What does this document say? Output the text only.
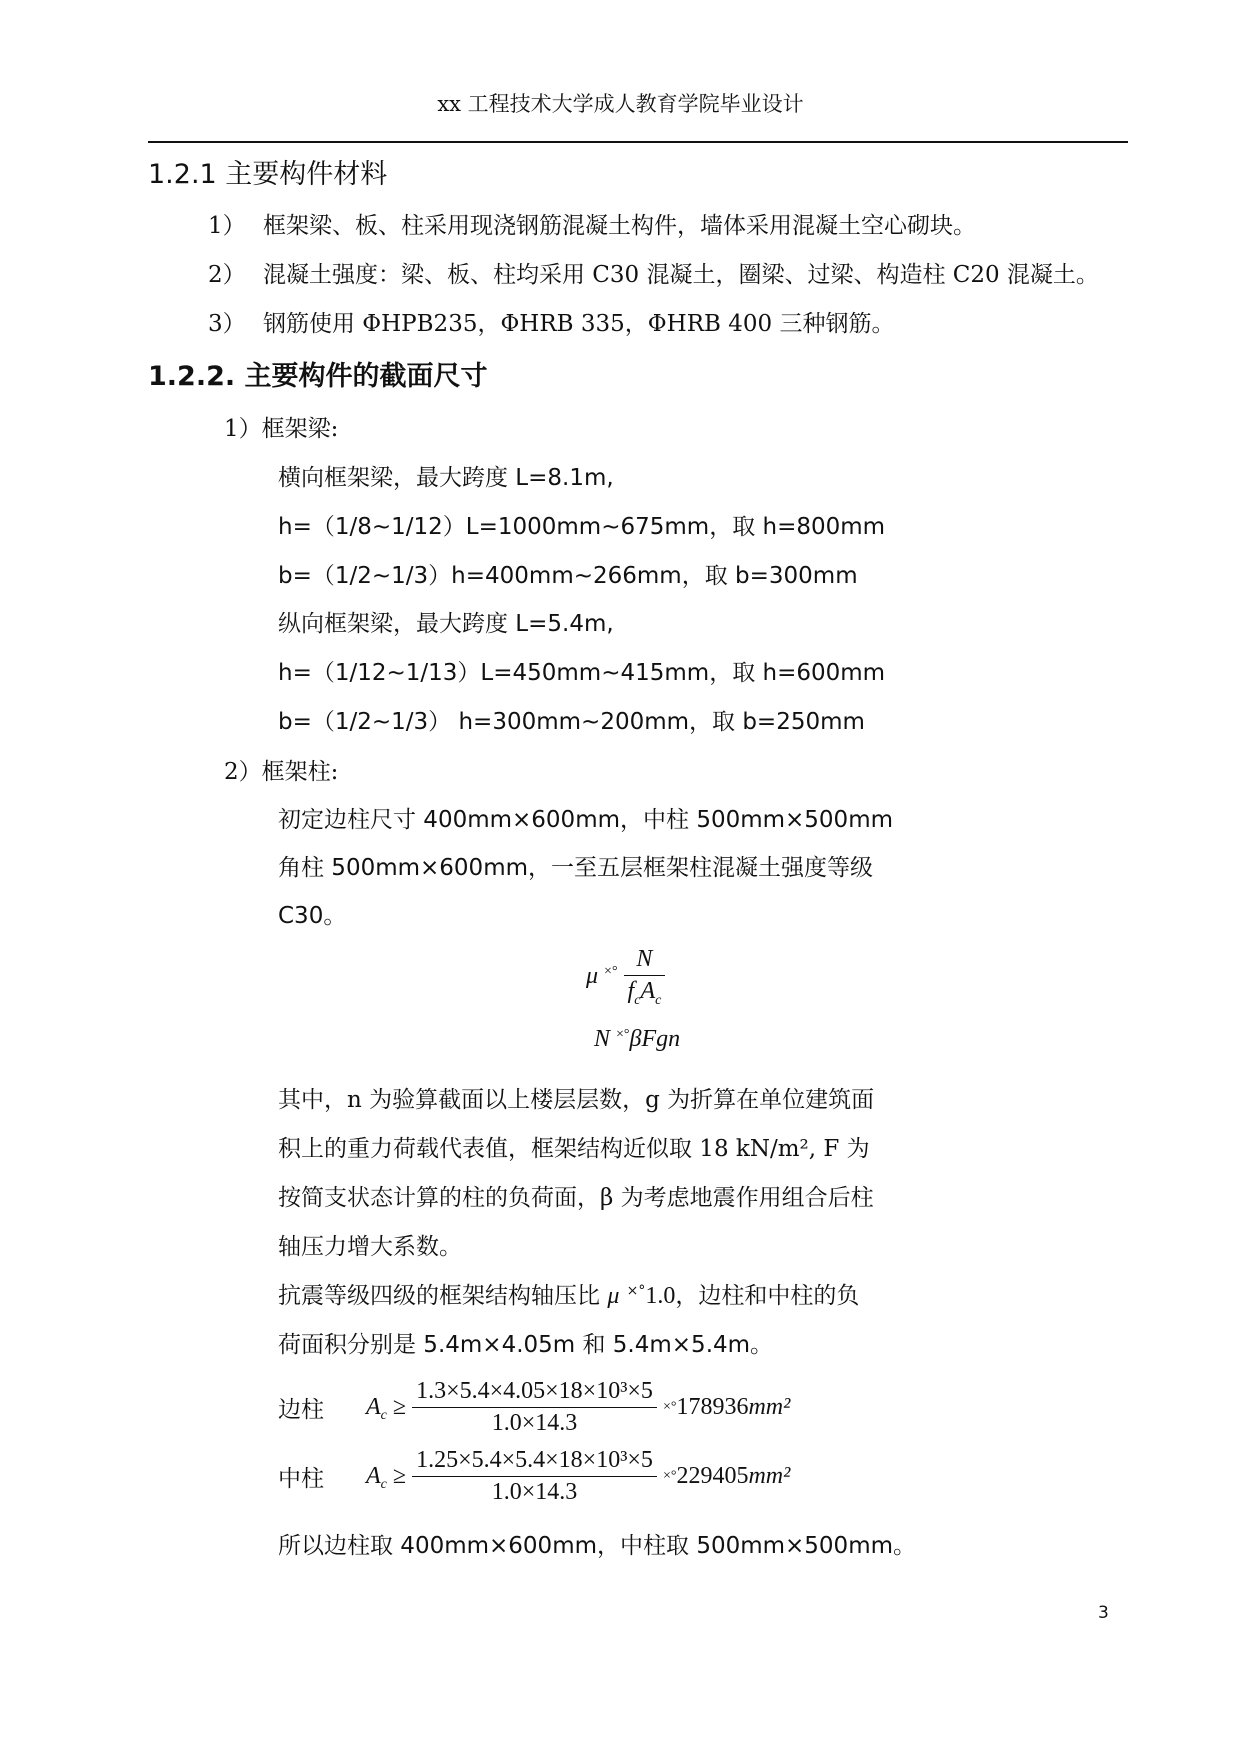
xx 工程技术大学成人教育学院毕业设计
1.2.1 主要构件材料
1） 框架梁、板、柱采用现浇钢筋混凝土构件，墙体采用混凝土空心砌块。
2） 混凝土强度：梁、板、柱均采用 C30 混凝土，圈梁、过梁、构造柱 C20 混凝土。
3） 钢筋使用 ΦHPB235，ΦHRB 335，ΦHRB 400 三种钢筋。
1.2.2. 主要构件的截面尺寸
1）框架梁:
横向框架梁，最大跨度 L=8.1m,
h=（1/8~1/12）L=1000mm~675mm，取 h=800mm
b=（1/2~1/3）h=400mm~266mm，取 b=300mm
纵向框架梁，最大跨度 L=5.4m,
h=（1/12~1/13）L=450mm~415mm，取 h=600mm
b=（1/2~1/3） h=300mm~200mm，取 b=250mm
2）框架柱:
初定边柱尺寸 400mm×600mm，中柱 500mm×500mm
角柱 500mm×600mm，一至五层框架柱混凝土强度等级
C30。
μ $^{\times^\circ} \frac{N}{f_cA_c}$
N ×°βFgn
其中，n 为验算截面以上楼层层数，g 为折算在单位建筑面
积上的重力荷载代表值，框架结构近似取 18 kN/m², F 为
按简支状态计算的柱的负荷面，β 为考虑地震作用组合后柱
轴压力增大系数。
抗震等级四级的框架结构轴压比 μ ×°1.0，边柱和中柱的负
荷面积分别是 5.4m×4.05m 和 5.4m×5.4m。
边柱 $A_c \ge \frac{\text{1.3×5.4×4.05×18×10³×5}}{1.0\times 14.3} \times^\circ 178936mm^2$
中柱 $A_c \ge \frac{\text{1.25×5.4×5.4×18×10³×5}}{1.0\times 14.3} \times^\circ 229405mm^2$
所以边柱取 400mm×600mm，中柱取 500mm×500mm。
3
